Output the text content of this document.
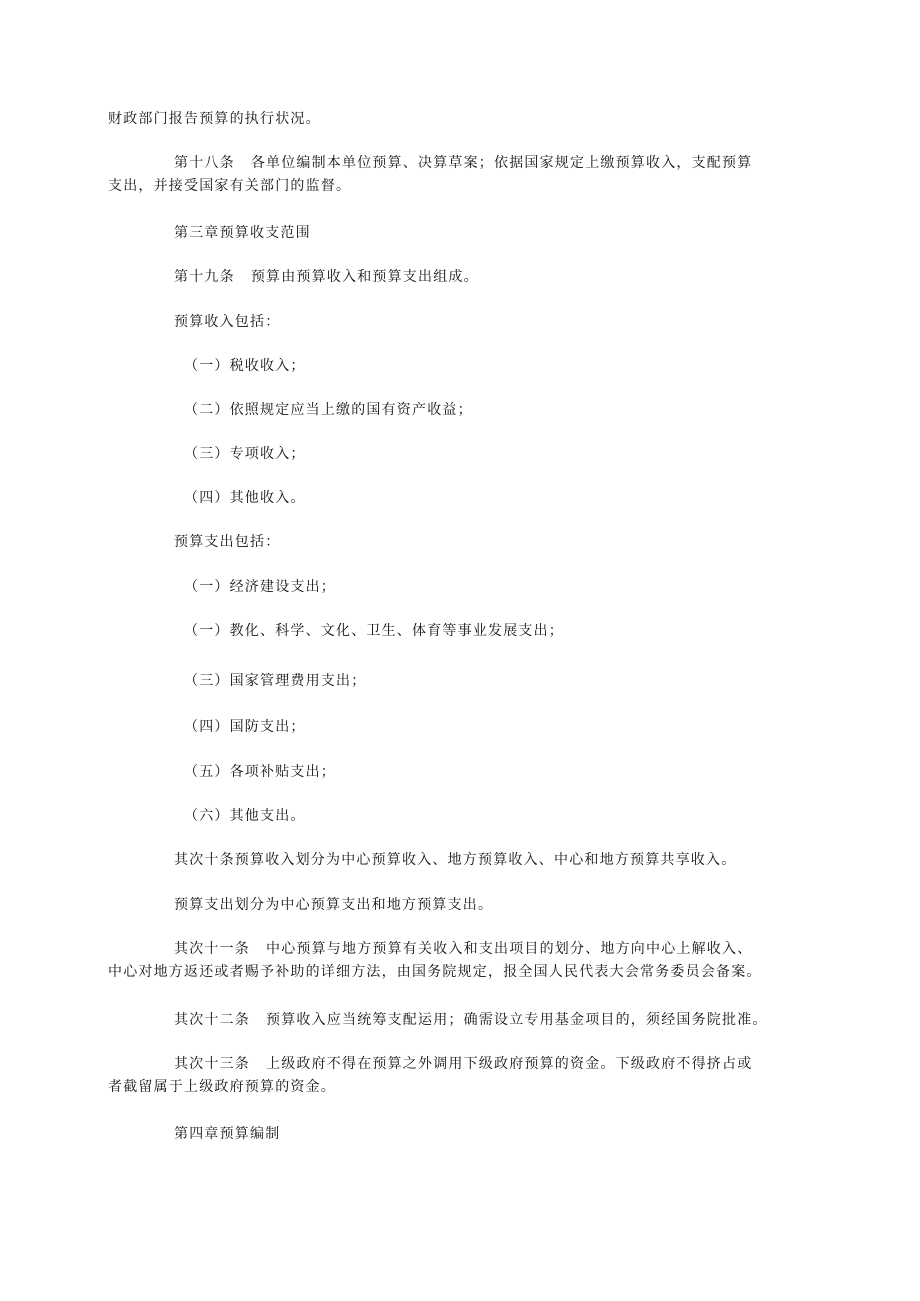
财政部门报告预算的执行状况。

第十八条 各单位编制本单位预算、决算草案；依据国家规定上缴预算收入，支配预算
支出，并接受国家有关部门的监督。

第三章预算收支范围

第十九条 预算由预算收入和预算支出组成。

预算收入包括：

（一）税收收入；

（二）依照规定应当上缴的国有资产收益；

（三）专项收入；

（四）其他收入。

预算支出包括：

（一）经济建设支出；

（一）教化、科学、文化、卫生、体育等事业发展支出；

（三）国家管理费用支出；

（四）国防支出；

（五）各项补贴支出；

（六）其他支出。

其次十条预算收入划分为中心预算收入、地方预算收入、中心和地方预算共享收入。

预算支出划分为中心预算支出和地方预算支出。

其次十一条 中心预算与地方预算有关收入和支出项目的划分、地方向中心上解收入、
中心对地方返还或者赐予补助的详细方法，由国务院规定，报全国人民代表大会常务委员会备案。

其次十二条 预算收入应当统筹支配运用；确需设立专用基金项目的，须经国务院批准。

其次十三条 上级政府不得在预算之外调用下级政府预算的资金。下级政府不得挤占或
者截留属于上级政府预算的资金。

第四章预算编制
